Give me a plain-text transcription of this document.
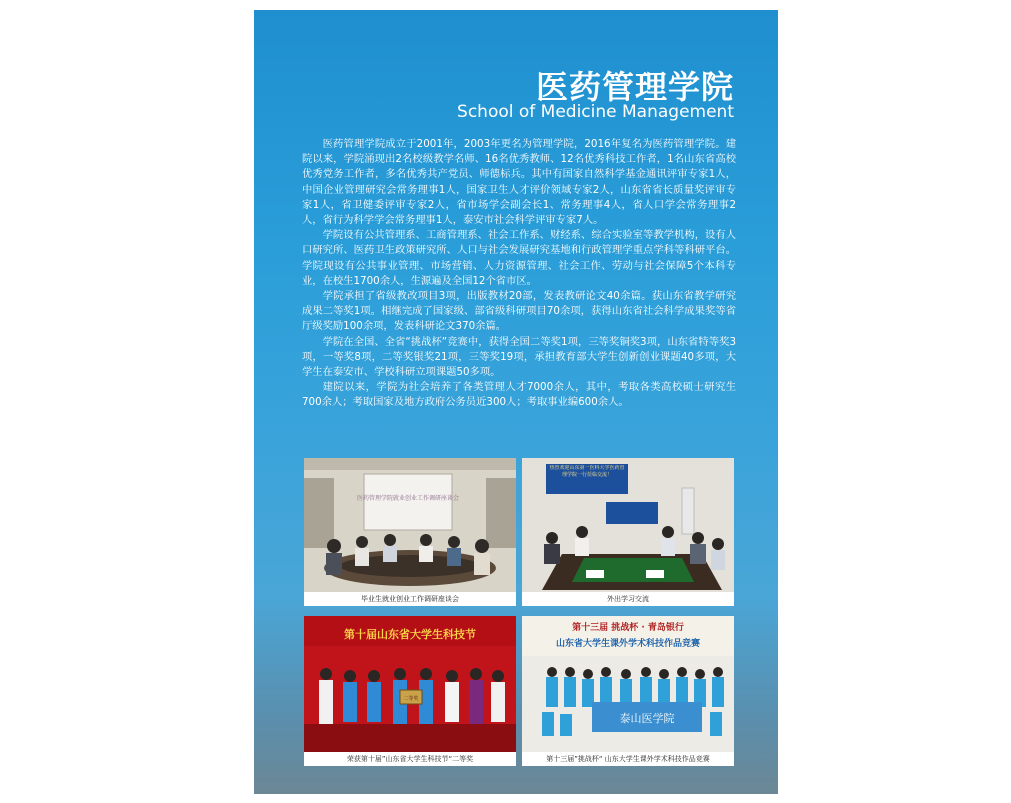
医药管理学院
School of Medicine Management

医药管理学院成立于2001年，2003年更名为管理学院，2016年复名为医药管理学院。建院以来，学院涌现出2名校级教学名师、16名优秀教师、12名优秀科技工作者，1名山东省高校优秀党务工作者，多名优秀共产党员、师德标兵。其中有国家自然科学基金通讯评审专家1人，中国企业管理研究会常务理事1人，国家卫生人才评价领域专家2人，山东省省长质量奖评审专家1人，省卫健委评审专家2人，省市场学会副会长1、常务理事4人，省人口学会常务理事2人，省行为科学学会常务理事1人，泰安市社会科学评审专家7人。

学院设有公共管理系、工商管理系、社会工作系、财经系、综合实验室等教学机构，设有人口研究所、医药卫生政策研究所、人口与社会发展研究基地和行政管理学重点学科等科研平台。学院现设有公共事业管理、市场营销、人力资源管理、社会工作、劳动与社会保障5个本科专业，在校生1700余人，生源遍及全国12个省市区。

学院承担了省级教改项目3项，出版教材20部，发表教研论文40余篇。获山东省教学研究成果二等奖1项。相继完成了国家级、部省级科研项目70余项，获得山东省社会科学成果奖等省厅级奖励100余项，发表科研论文370余篇。

学院在全国、全省“挑战杯”竞赛中，获得全国二等奖1项，三等奖铜奖3项，山东省特等奖3项，一等奖8项，二等奖银奖21项，三等奖19项，承担教育部大学生创新创业课题40多项，大学生在泰安市、学校科研立项课题50多项。

建院以来，学院为社会培养了各类管理人才7000余人，其中，考取各类高校硕士研究生700余人；考取国家及地方政府公务员近300人；考取事业编600余人。

医药管理学院就业创业工作调研座谈会
毕业生就业创业工作调研座谈会
热烈欢迎山东第一医科大学医药管理学院一行莅临交流！
外出学习交流
第十届山东省大学生科技节
二等奖
荣获第十届”山东省大学生科技节“二等奖
第十三届 挑战杯 · 青岛银行
山东省大学生课外学术科技作品竞赛
泰山医学院
第十三届”挑战杯“ 山东大学生课外学术科技作品竞赛
